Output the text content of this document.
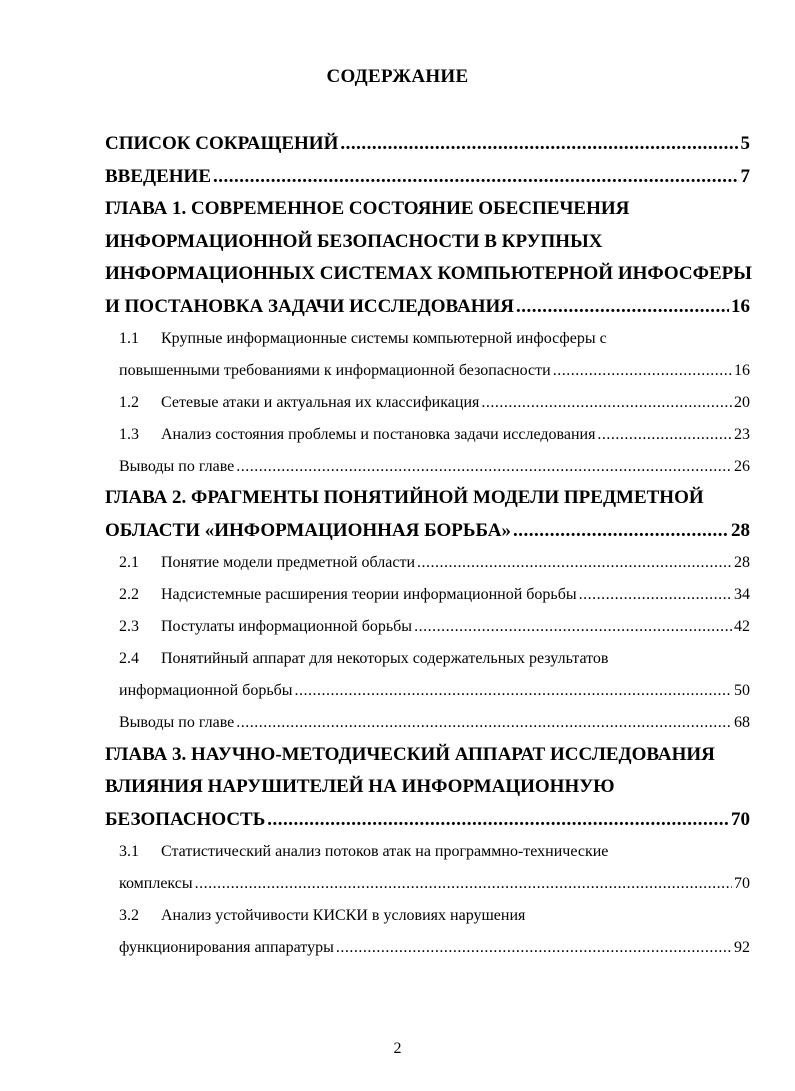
СОДЕРЖАНИЕ
СПИСОК СОКРАЩЕНИЙ .....	5
ВВЕДЕНИЕ .....	7
ГЛАВА 1. СОВРЕМЕННОЕ СОСТОЯНИЕ ОБЕСПЕЧЕНИЯ
ИНФОРМАЦИОННОЙ БЕЗОПАСНОСТИ В КРУПНЫХ
ИНФОРМАЦИОННЫХ СИСТЕМАХ КОМПЬЮТЕРНОЙ ИНФОСФЕРЫ
И ПОСТАНОВКА ЗАДАЧИ ИССЛЕДОВАНИЯ .....	16
1.1 Крупные информационные системы компьютерной инфосферы с
повышенными требованиями к информационной безопасности .....	16
1.2 Сетевые атаки и актуальная их классификация .....	20
1.3 Анализ состояния проблемы и постановка задачи исследования .....	23
Выводы по главе .....	26
ГЛАВА 2. ФРАГМЕНТЫ ПОНЯТИЙНОЙ МОДЕЛИ ПРЕДМЕТНОЙ
ОБЛАСТИ «ИНФОРМАЦИОННАЯ БОРЬБА» .....	28
2.1 Понятие модели предметной области .....	28
2.2 Надсистемные расширения теории информационной борьбы .....	34
2.3 Постулаты информационной борьбы .....	42
2.4 Понятийный аппарат для некоторых содержательных результатов
информационной борьбы .....	50
Выводы по главе .....	68
ГЛАВА 3. НАУЧНО-МЕТОДИЧЕСКИЙ АППАРАТ ИССЛЕДОВАНИЯ
ВЛИЯНИЯ НАРУШИТЕЛЕЙ НА ИНФОРМАЦИОННУЮ
БЕЗОПАСНОСТЬ .....	70
3.1 Статистический анализ потоков атак на программно-технические
комплексы .....	70
3.2 Анализ устойчивости КИСКИ в условиях нарушения
функционирования аппаратуры .....	92
2
